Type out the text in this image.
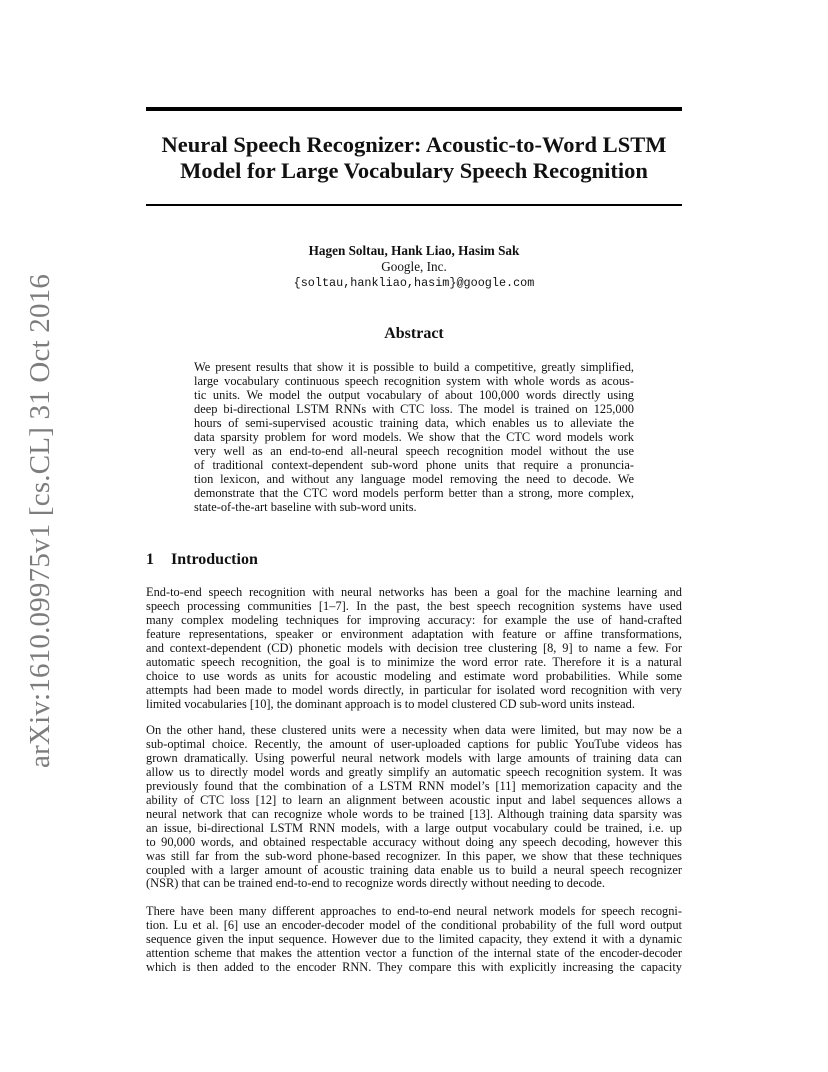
arXiv:1610.09975v1 [cs.CL] 31 Oct 2016
Neural Speech Recognizer: Acoustic-to-Word LSTM
Model for Large Vocabulary Speech Recognition
Hagen Soltau, Hank Liao, Hasim Sak
Google, Inc.
{soltau,hankliao,hasim}@google.com
Abstract
We present results that show it is possible to build a competitive, greatly simplified,
large vocabulary continuous speech recognition system with whole words as acous-
tic units. We model the output vocabulary of about 100,000 words directly using
deep bi-directional LSTM RNNs with CTC loss. The model is trained on 125,000
hours of semi-supervised acoustic training data, which enables us to alleviate the
data sparsity problem for word models. We show that the CTC word models work
very well as an end-to-end all-neural speech recognition model without the use
of traditional context-dependent sub-word phone units that require a pronuncia-
tion lexicon, and without any language model removing the need to decode. We
demonstrate that the CTC word models perform better than a strong, more complex,
state-of-the-art baseline with sub-word units.
1 Introduction
End-to-end speech recognition with neural networks has been a goal for the machine learning and
speech processing communities [1–7]. In the past, the best speech recognition systems have used
many complex modeling techniques for improving accuracy: for example the use of hand-crafted
feature representations, speaker or environment adaptation with feature or affine transformations,
and context-dependent (CD) phonetic models with decision tree clustering [8, 9] to name a few. For
automatic speech recognition, the goal is to minimize the word error rate. Therefore it is a natural
choice to use words as units for acoustic modeling and estimate word probabilities. While some
attempts had been made to model words directly, in particular for isolated word recognition with very
limited vocabularies [10], the dominant approach is to model clustered CD sub-word units instead.
On the other hand, these clustered units were a necessity when data were limited, but may now be a
sub-optimal choice. Recently, the amount of user-uploaded captions for public YouTube videos has
grown dramatically. Using powerful neural network models with large amounts of training data can
allow us to directly model words and greatly simplify an automatic speech recognition system. It was
previously found that the combination of a LSTM RNN model’s [11] memorization capacity and the
ability of CTC loss [12] to learn an alignment between acoustic input and label sequences allows a
neural network that can recognize whole words to be trained [13]. Although training data sparsity was
an issue, bi-directional LSTM RNN models, with a large output vocabulary could be trained, i.e. up
to 90,000 words, and obtained respectable accuracy without doing any speech decoding, however this
was still far from the sub-word phone-based recognizer. In this paper, we show that these techniques
coupled with a larger amount of acoustic training data enable us to build a neural speech recognizer
(NSR) that can be trained end-to-end to recognize words directly without needing to decode.
There have been many different approaches to end-to-end neural network models for speech recogni-
tion. Lu et al. [6] use an encoder-decoder model of the conditional probability of the full word output
sequence given the input sequence. However due to the limited capacity, they extend it with a dynamic
attention scheme that makes the attention vector a function of the internal state of the encoder-decoder
which is then added to the encoder RNN. They compare this with explicitly increasing the capacity
